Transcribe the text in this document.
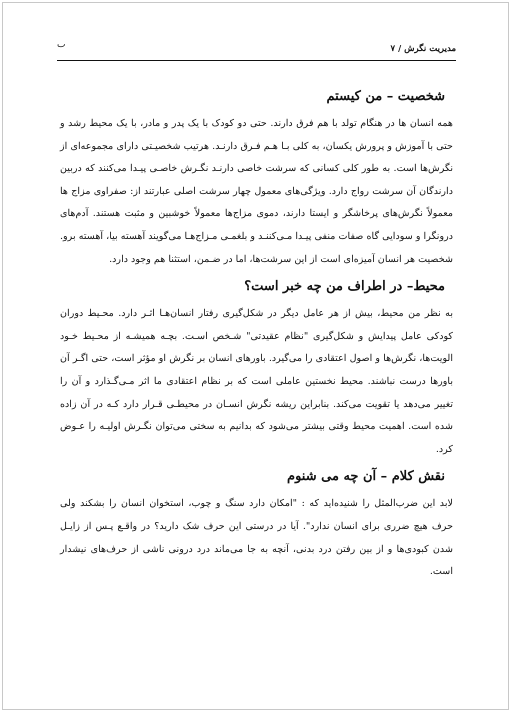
مدیریت نگرش / ۷
ٮ
شخصیت – من کیستم

همه انسان ها در هنگام تولد با هم فرق دارند. حتی دو کودک با یک پدر و مادر، با یک محیط رشد و حتی با آموزش و پرورش یکسان، به کلی بـا هـم فـرق دارنـد. هرتیب شخصیـتی دارای مجموعه‌ای از نگرش‌ها است. به طور کلی کسانی که سرشت خاصی دارنـد نگـرش خاصـی پیـدا می‌کنند که دربین دارندگان آن سرشت رواج دارد. ویژگی‌های معمول چهار سرشت اصلی عبارتند از: صفراوی مزاج ها معمولاً نگرش‌های پرخاشگر و ایستا دارند، دموی مزاج‌ها معمولاً خوشبین و مثبت هستند. آدم‌های درونگرا و سودایی گاه صفات منفی پیـدا مـی‌کننـد و بلغمـی مـزاج‌هـا می‌گویند آهسته بیا، آهسته برو. شخصیت هر انسان آمیزه‌ای است از این سرشت‌ها، اما در ضـمن، استثنا هم وجود دارد.

محیط– در اطراف من چه خبر است؟

به نظر من محیط، بیش از هر عامل دیگر در شکل‌گیری رفتار انسان‌هـا اثـر دارد. محـیط دوران کودکی عامل پیدایش و شکل‌گیری "نظام عقیدتی" شـخص اسـت. بچـه همیشـه از محـیط خـود الویت‌ها، نگرش‌ها و اصول اعتقادی را می‌گیرد. باورهای انسان بر نگرش او مؤثر است، حتی اگـر آن باورها درست نباشند. محیط نخستین عاملی است که بر نظام اعتقادی ما اثر مـی‌گـذارد و آن را تغییر می‌دهد یا تقویت می‌کند. بنابراین ریشه نگرش انسـان در محیطـی قـرار دارد کـه در آن زاده شده است. اهمیت محیط وقتی بیشتر می‌شود که بدانیم به سختی می‌توان نگـرش اولیـه را عـوض کرد.

نقش کلام – آن چه می شنوم

لابد این ضرب‌المثل را شنیده‌اید که : "امکان دارد سنگ و چوب، استخوان انسان را بشکند ولی حرف هیچ ضرری برای انسان ندارد". آیا در درستی این حرف شک دارید؟ در واقـع پـس از زایـل شدن کبودی‌ها و از بین رفتن درد بدنی، آنچه به جا می‌ماند درد درونی ناشی از حرف‌های نیشدار است.
